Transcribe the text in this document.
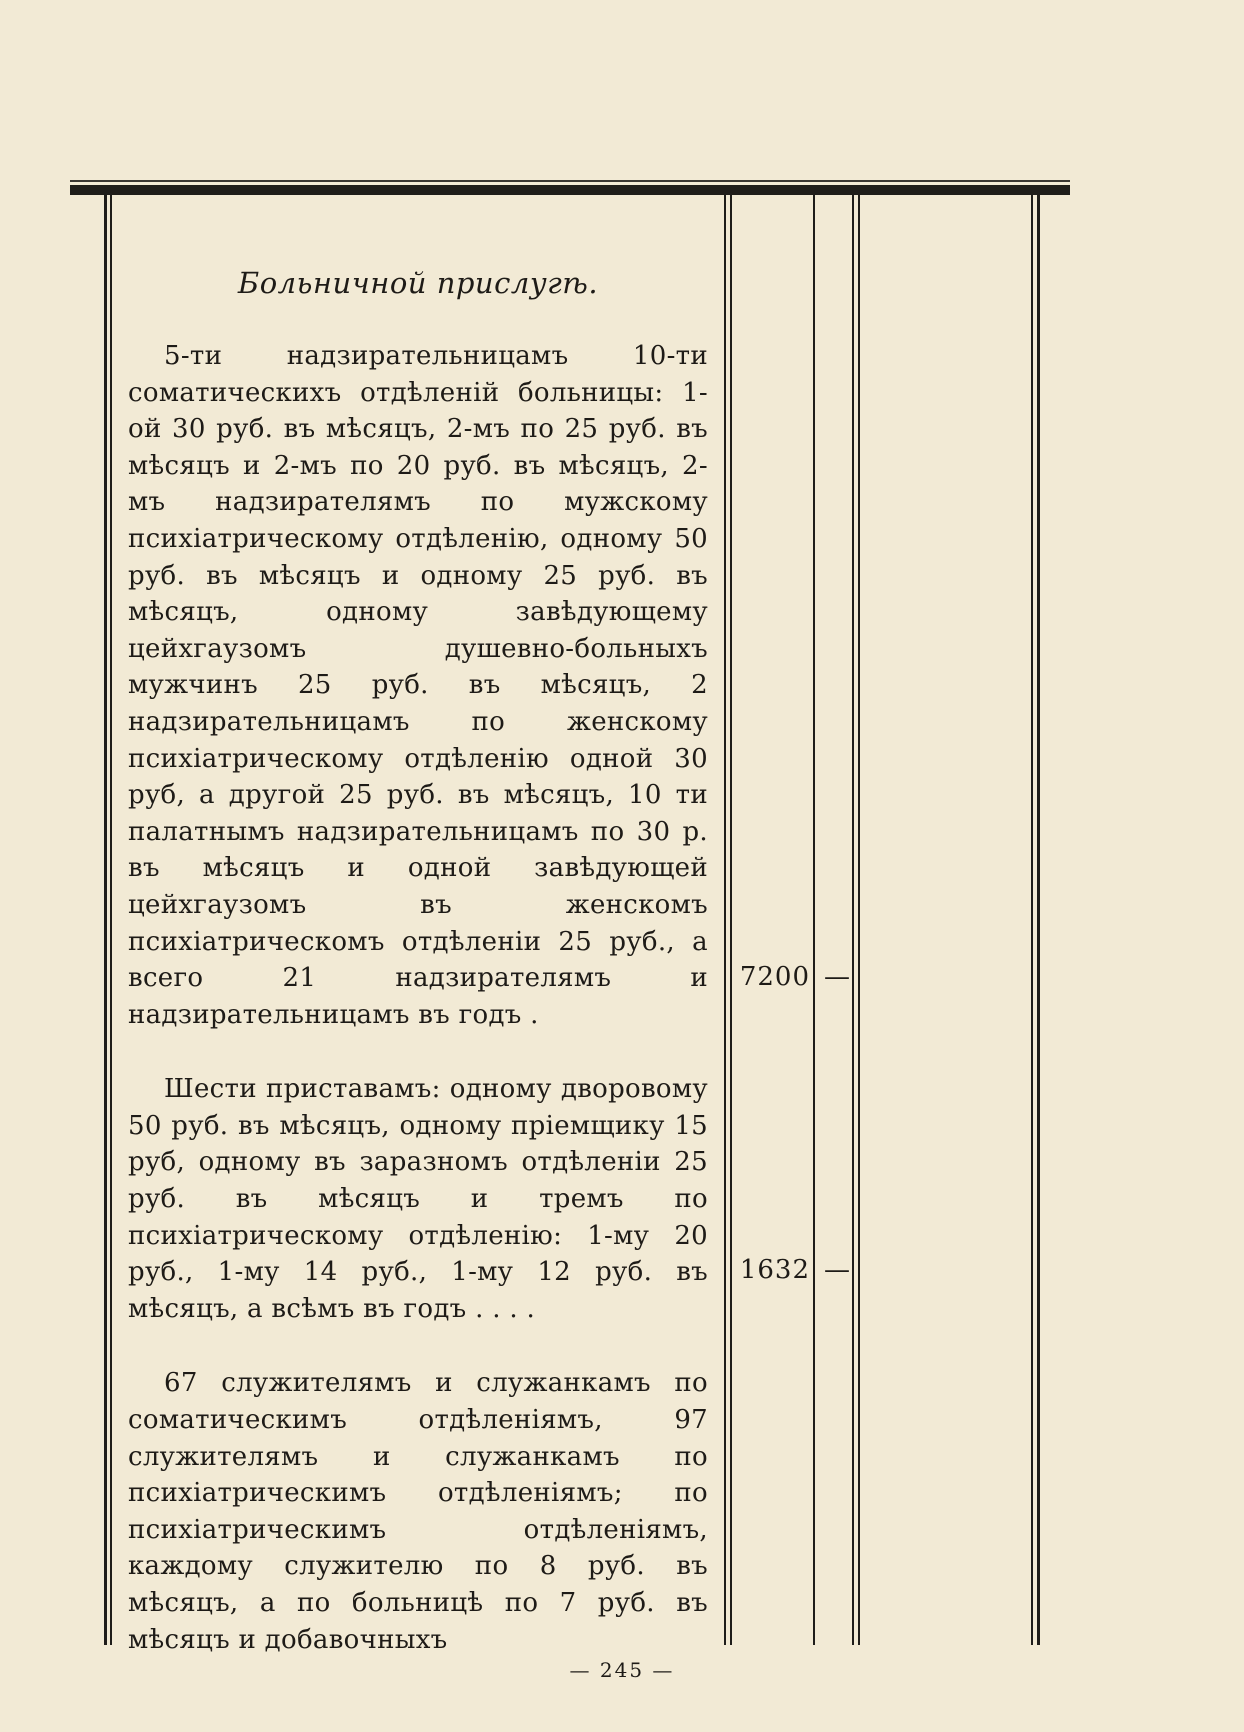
Больничной прислугѣ.

5-ти надзирательницамъ 10-ти соматическихъ отдѣленій больницы: 1-ой 30 руб. въ мѣсяцъ, 2-мъ по 25 руб. въ мѣсяцъ и 2-мъ по 20 руб. въ мѣсяцъ, 2-мъ надзирателямъ по мужскому психіатрическому отдѣленію, одному 50 руб. въ мѣсяцъ и одному 25 руб. въ мѣсяцъ, одному завѣдующему цейхгаузомъ душевно-больныхъ мужчинъ 25 руб. въ мѣсяцъ, 2 надзирательницамъ по женскому психіатрическому отдѣленію одной 30 руб, а другой 25 руб. въ мѣсяцъ, 10 ти палатнымъ надзирательницамъ по 30 р. въ мѣсяцъ и одной завѣдующей цейхгаузомъ въ женскомъ психіатрическомъ отдѣленіи 25 руб., а всего 21 надзирателямъ и надзирательницамъ въ годъ .

Шести приставамъ: одному дворовому 50 руб. въ мѣсяцъ, одному пріемщику 15 руб, одному въ заразномъ отдѣленіи 25 руб. въ мѣсяцъ и тремъ по психіатрическому отдѣленію: 1-му 20 руб., 1-му 14 руб., 1-му 12 руб. въ мѣсяцъ, а всѣмъ въ годъ . . . .

67 служителямъ и служанкамъ по соматическимъ отдѣленіямъ, 97 служителямъ и служанкамъ по психіатрическимъ отдѣленіямъ; по психіатрическимъ отдѣленіямъ, каждому служителю по 8 руб. въ мѣсяцъ, а по больницѣ по 7 руб. въ мѣсяцъ и добавочныхъ

7200 —
1632 —
— 245 —
